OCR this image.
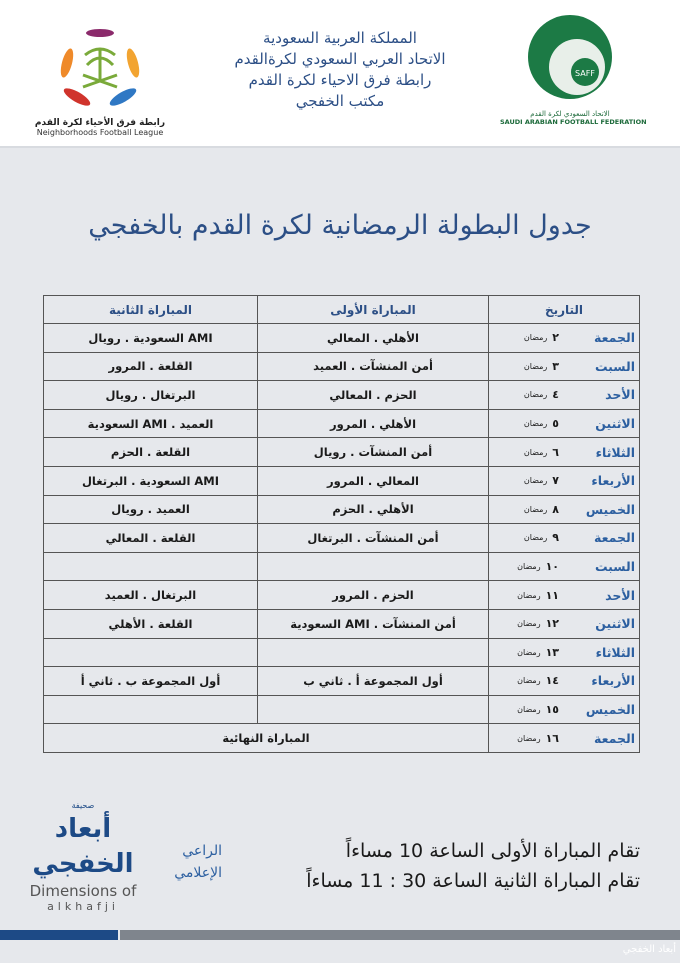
رابطة فرق الأحياء لكرة القدم
Neighborhoods Football League
المملكة العربية السعودية
الاتحاد العربي السعودي لكرةالقدم
رابطة فرق الاحياء لكرة القدم
مكتب الخفجي
SAFF
الاتحاد السعودي لكرة القدم
SAUDI ARABIAN FOOTBALL FEDERATION
جدول البطولة الرمضانية لكرة القدم بالخفجي
التاريخ	المباراة الأولى	المباراة الثانية

الجمعة
٢
رمضان	الأهلي . المعالي	AMI السعودية . رويال

السبت
٣
رمضان	أمن المنشآت . العميد	القلعة . المرور

الأحد
٤
رمضان	الحزم . المعالي	البرتغال . رويال

الاثنين
٥
رمضان	الأهلي . المرور	العميد . AMI السعودية

الثلاثاء
٦
رمضان	أمن المنشآت . رويال	القلعة . الحزم

الأربعاء
٧
رمضان	المعالي . المرور	AMI السعودية . البرتغال

الخميس
٨
رمضان	الأهلي . الحزم	العميد . رويال

الجمعة
٩
رمضان	أمن المنشآت . البرتغال	القلعة . المعالي

السبت
١٠
رمضان		

الأحد
١١
رمضان	الحزم . المرور	البرتغال . العميد

الاثنين
١٢
رمضان	أمن المنشآت . AMI السعودية	القلعة . الأهلي

الثلاثاء
١٣
رمضان		

الأربعاء
١٤
رمضان	أول المجموعة أ . ثاني ب	أول المجموعة ب . ثاني أ

الخميس
١٥
رمضان		

الجمعة
١٦
رمضان	المباراة النهائية	
تقام المباراة الأولى الساعة 10 مساءاً
تقام المباراة الثانية الساعة 30 : 11 مساءاً
الراعي
الإعلامي
صحيفة
أبعاد الخفجي
Dimensions of
alkhafji
أبعاد الخفجي
